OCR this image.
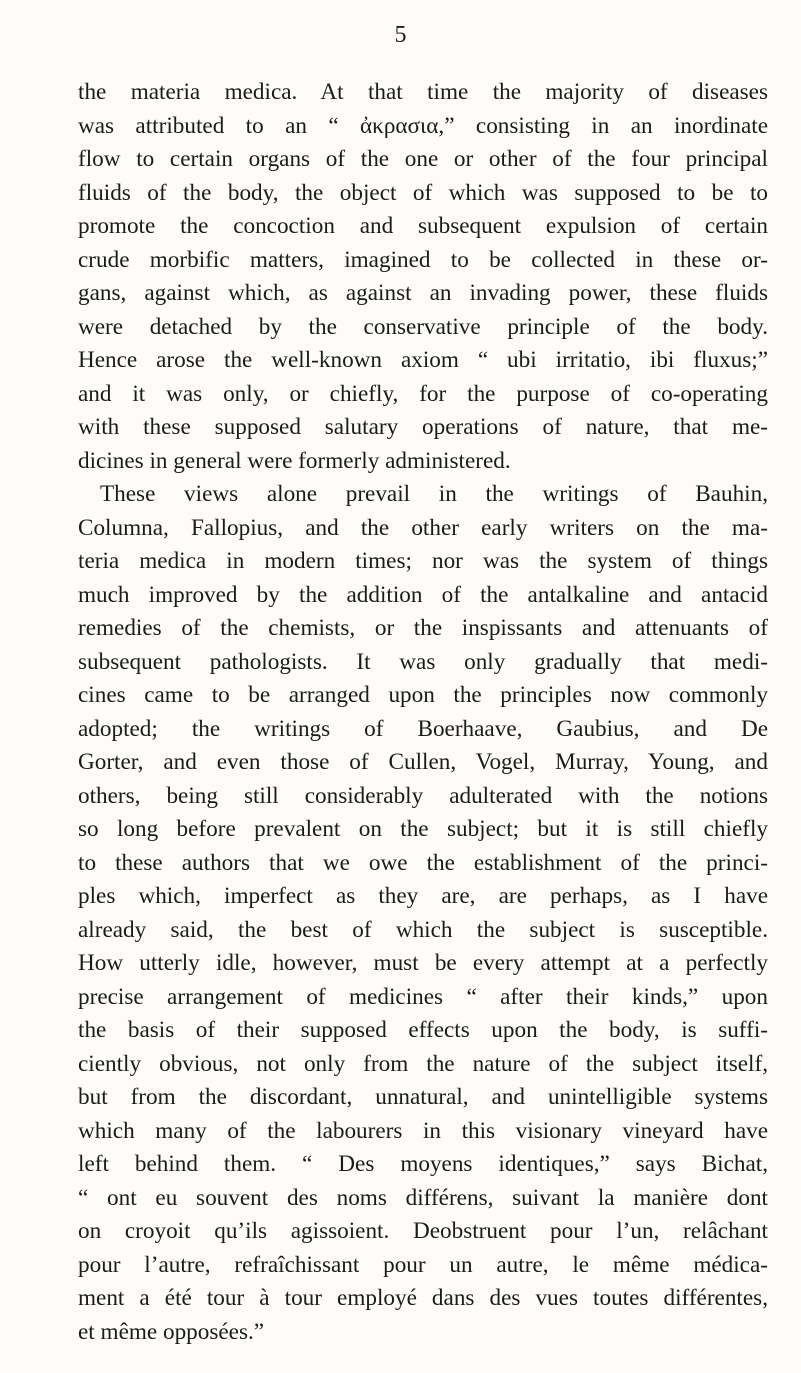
5
the materia medica. At that time the majority of diseases
was attributed to an “ ἀκρασια,” consisting in an inordinate
flow to certain organs of the one or other of the four principal
fluids of the body, the object of which was supposed to be to
promote the concoction and subsequent expulsion of certain
crude morbific matters, imagined to be collected in these or-
gans, against which, as against an invading power, these fluids
were detached by the conservative principle of the body.
Hence arose the well-known axiom “ ubi irritatio, ibi fluxus;”
and it was only, or chiefly, for the purpose of co-operating
with these supposed salutary operations of nature, that me-
dicines in general were formerly administered.
These views alone prevail in the writings of Bauhin,
Columna, Fallopius, and the other early writers on the ma-
teria medica in modern times; nor was the system of things
much improved by the addition of the antalkaline and antacid
remedies of the chemists, or the inspissants and attenuants of
subsequent pathologists. It was only gradually that medi-
cines came to be arranged upon the principles now commonly
adopted; the writings of Boerhaave, Gaubius, and De
Gorter, and even those of Cullen, Vogel, Murray, Young, and
others, being still considerably adulterated with the notions
so long before prevalent on the subject; but it is still chiefly
to these authors that we owe the establishment of the princi-
ples which, imperfect as they are, are perhaps, as I have
already said, the best of which the subject is susceptible.
How utterly idle, however, must be every attempt at a perfectly
precise arrangement of medicines “ after their kinds,” upon
the basis of their supposed effects upon the body, is suffi-
ciently obvious, not only from the nature of the subject itself,
but from the discordant, unnatural, and unintelligible systems
which many of the labourers in this visionary vineyard have
left behind them. “ Des moyens identiques,” says Bichat,
“ ont eu souvent des noms différens, suivant la manière dont
on croyoit qu’ils agissoient. Deobstruent pour l’un, relâchant
pour l’autre, refraîchissant pour un autre, le même médica-
ment a été tour à tour employé dans des vues toutes différentes,
et même opposées.”
